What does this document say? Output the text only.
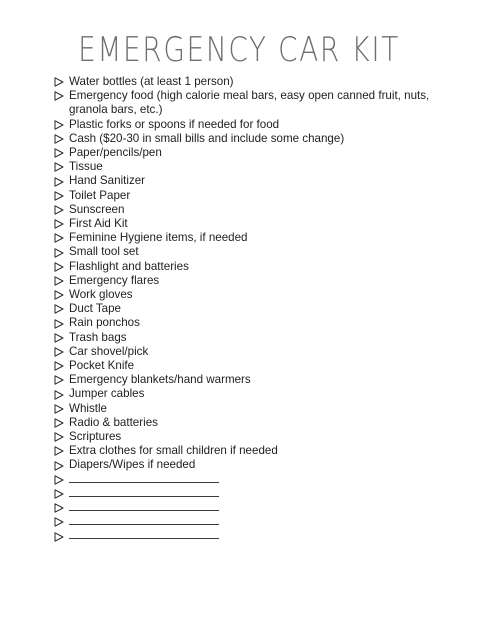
EMERGENCY CAR KIT
Water bottles (at least 1 person)
Emergency food (high calorie meal bars, easy open canned fruit, nuts, granola bars, etc.)
Plastic forks or spoons if needed for food
Cash ($20-30 in small bills and include some change)
Paper/pencils/pen
Tissue
Hand Sanitizer
Toilet Paper
Sunscreen
First Aid Kit
Feminine Hygiene items, if needed
Small tool set
Flashlight and batteries
Emergency flares
Work gloves
Duct Tape
Rain ponchos
Trash bags
Car shovel/pick
Pocket Knife
Emergency blankets/hand warmers
Jumper cables
Whistle
Radio & batteries
Scriptures
Extra clothes for small children if needed
Diapers/Wipes if needed
